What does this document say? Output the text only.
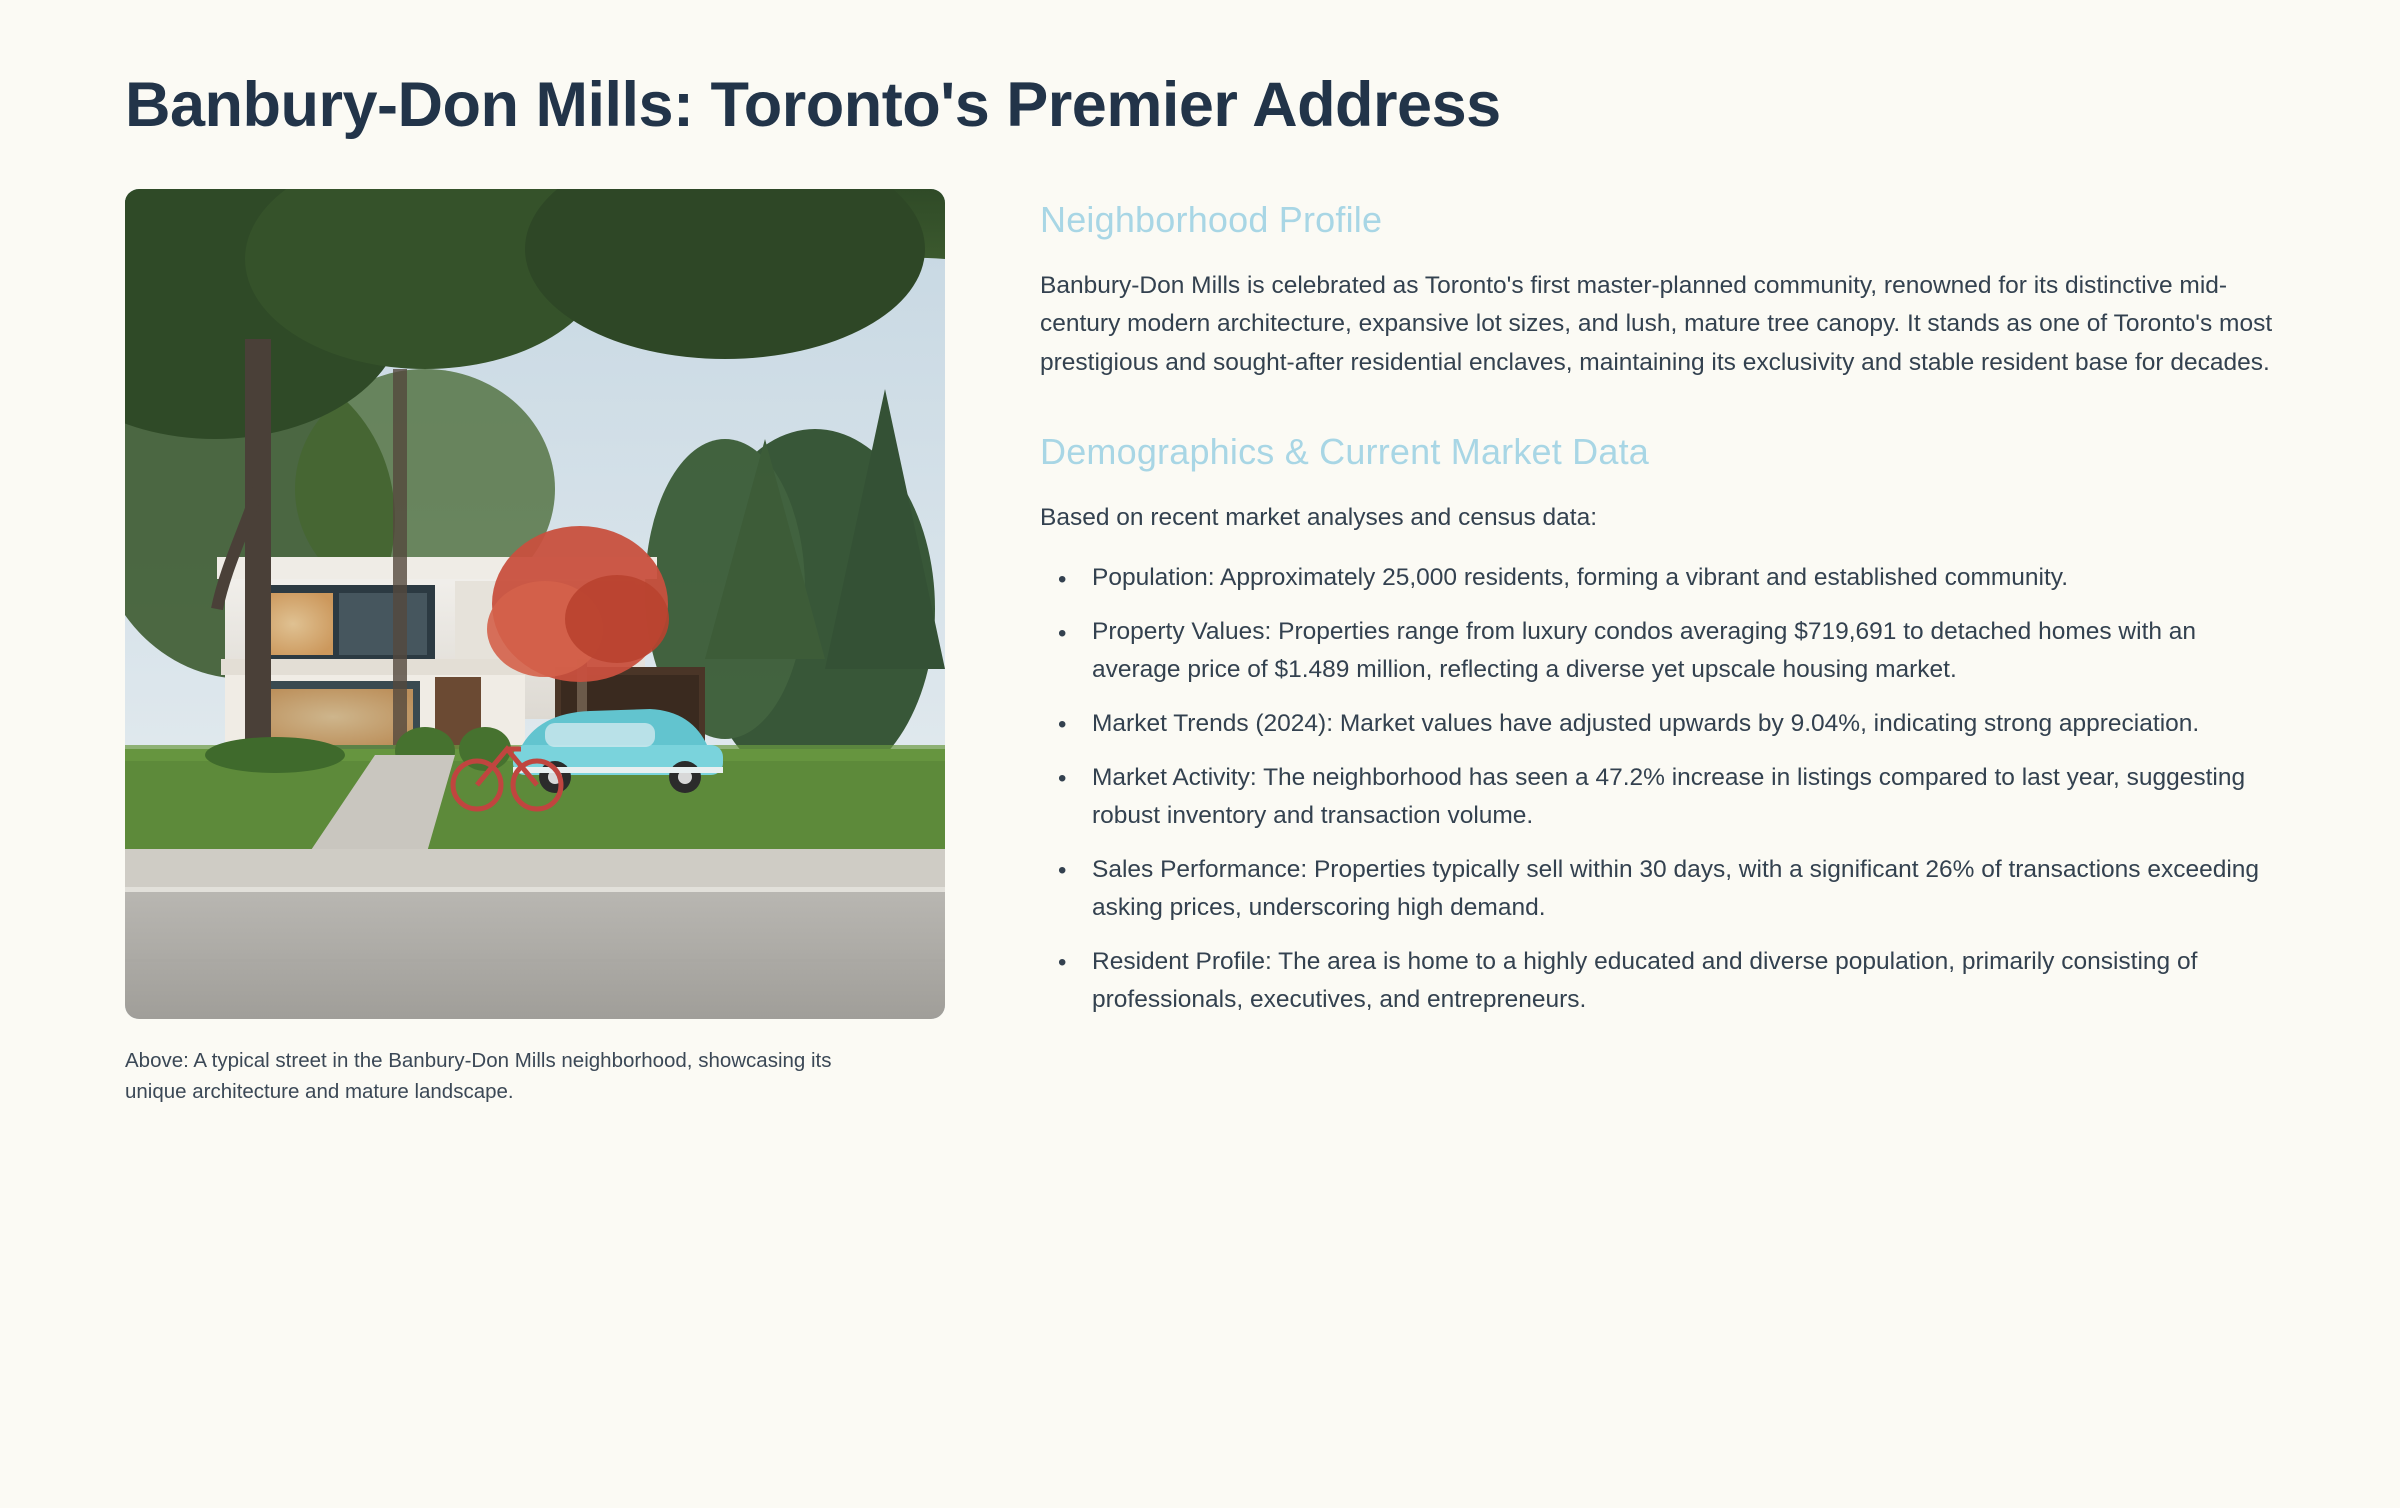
Banbury-Don Mills: Toronto's Premier Address
Above: A typical street in the Banbury-Don Mills neighborhood, showcasing its unique architecture and mature landscape.
Neighborhood Profile

Banbury-Don Mills is celebrated as Toronto's first master-planned community, renowned for its distinctive mid-century modern architecture, expansive lot sizes, and lush, mature tree canopy. It stands as one of Toronto's most prestigious and sought-after residential enclaves, maintaining its exclusivity and stable resident base for decades.

Demographics & Current Market Data

Based on recent market analyses and census data:

• Population: Approximately 25,000 residents, forming a vibrant and established community.
• Property Values: Properties range from luxury condos averaging $719,691 to detached homes with an average price of $1.489 million, reflecting a diverse yet upscale housing market.
• Market Trends (2024): Market values have adjusted upwards by 9.04%, indicating strong appreciation.
• Market Activity: The neighborhood has seen a 47.2% increase in listings compared to last year, suggesting robust inventory and transaction volume.
• Sales Performance: Properties typically sell within 30 days, with a significant 26% of transactions exceeding asking prices, underscoring high demand.
• Resident Profile: The area is home to a highly educated and diverse population, primarily consisting of professionals, executives, and entrepreneurs.
